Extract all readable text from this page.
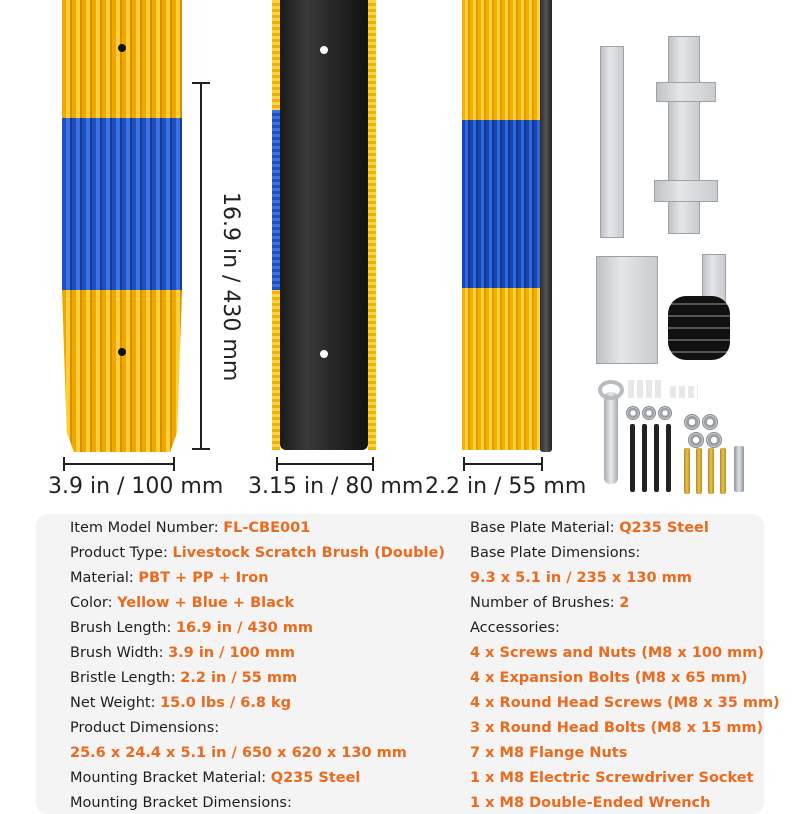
16.9 in / 430 mm
3.9 in / 100 mm 3.15 in / 80 mm 2.2 in / 55 mm
Item Model Number: FL-CBE001
Product Type: Livestock Scratch Brush (Double)
Material: PBT + PP + Iron
Color: Yellow + Blue + Black
Brush Length: 16.9 in / 430 mm
Brush Width: 3.9 in / 100 mm
Bristle Length: 2.2 in / 55 mm
Net Weight: 15.0 lbs / 6.8 kg
Product Dimensions:
25.6 x 24.4 x 5.1 in / 650 x 620 x 130 mm
Mounting Bracket Material: Q235 Steel
Mounting Bracket Dimensions:
Base Plate Material: Q235 Steel
Base Plate Dimensions:
9.3 x 5.1 in / 235 x 130 mm
Number of Brushes: 2
Accessories:
4 x Screws and Nuts (M8 x 100 mm)
4 x Expansion Bolts (M8 x 65 mm)
4 x Round Head Screws (M8 x 35 mm)
3 x Round Head Bolts (M8 x 15 mm)
7 x M8 Flange Nuts
1 x M8 Electric Screwdriver Socket
1 x M8 Double-Ended Wrench
